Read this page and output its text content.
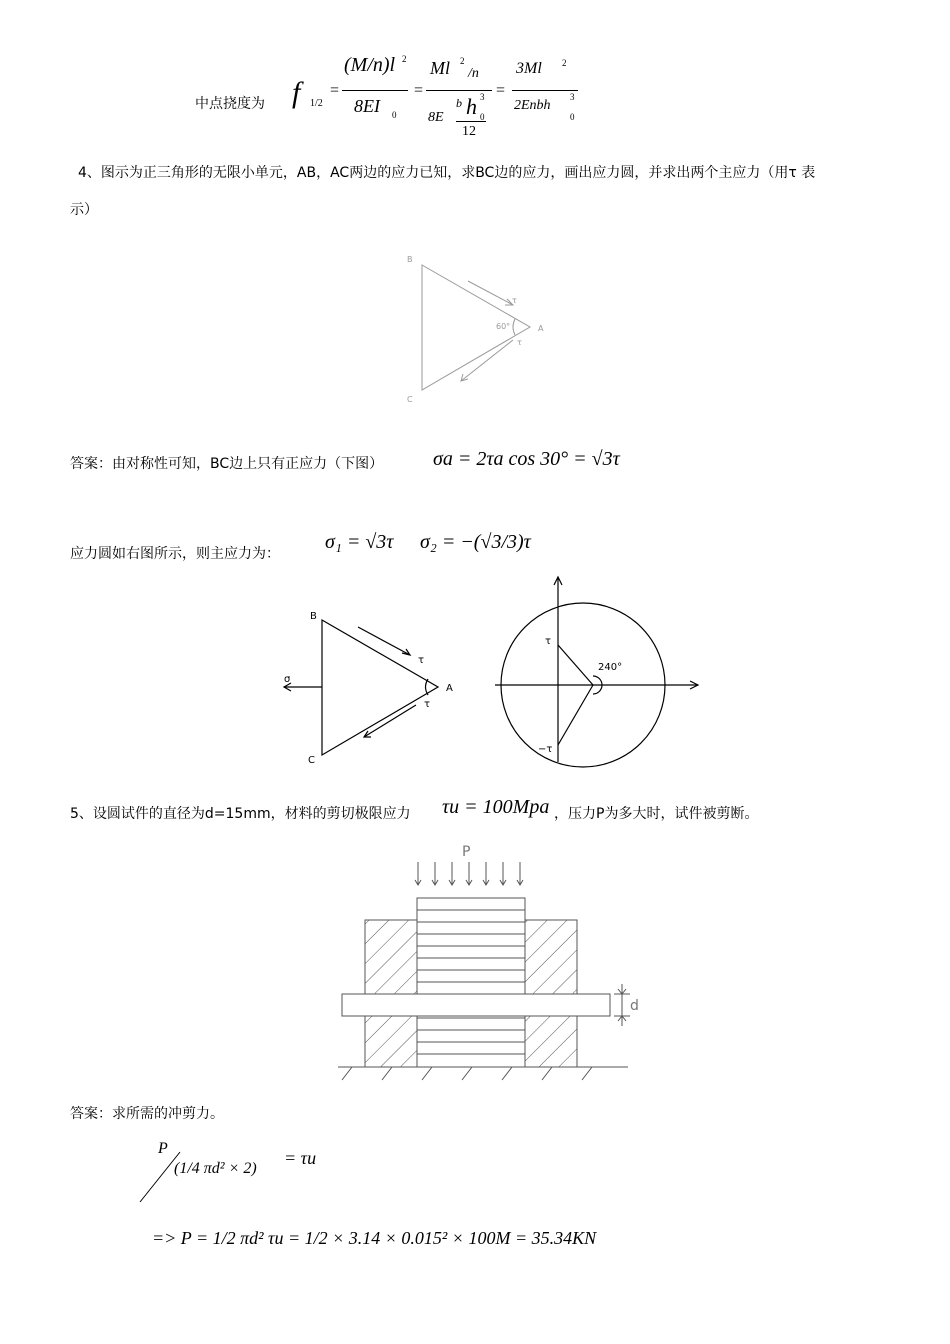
中点挠度为 f 1/2
=
(M/n)l 2
8EI 0
=
Ml 2
/n
8E
b h 3
0
12
=
3Ml 2
2Enbh
3
0
4、图示为正三角形的无限小单元，AB，AC两边的应力已知，求BC边的应力，画出应力圆，并求出两个主应力（用τ 表
示）
B
C
A
τ
τ
60°
答案：由对称性可知，BC边上只有正应力（下图） σa = 2τa cos 30° = √3τ
应力圆如右图所示，则主应力为：
σ₁ = √3τ σ₂ = −(√3/3)τ
B
C
A
σ
τ
τ
τ
−τ
240°
5、设圆试件的直径为d=15mm，材料的剪切极限应力 τu = 100Mpa ，压力P为多大时，试件被剪断。
P
d
答案：求所需的冲剪力。
P
(1/4 πd² × 2)
= τu
=> P = 1/2 πd² τu = 1/2 × 3.14 × 0.015² × 100M = 35.34KN
